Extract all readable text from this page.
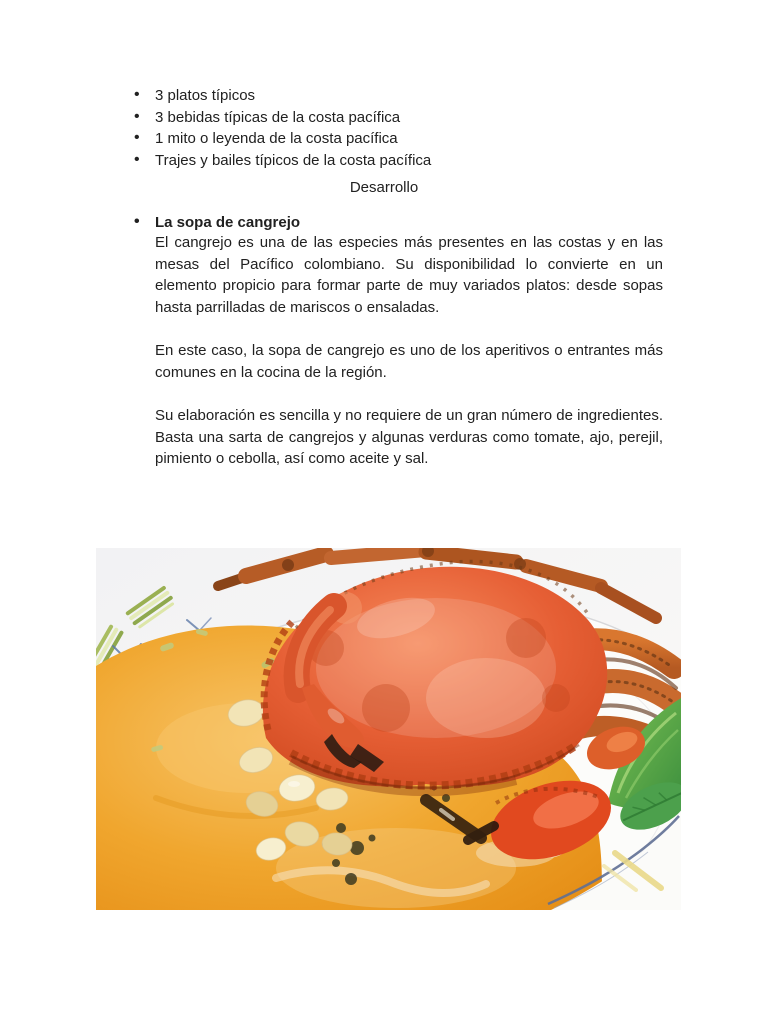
• 3 platos típicos
• 3 bebidas típicas de la costa pacífica
• 1 mito o leyenda de la costa pacífica
• Trajes y bailes típicos de la costa pacífica
Desarrollo
• La sopa de cangrejo

El cangrejo es una de las especies más presentes en las costas y en las mesas del Pacífico colombiano. Su disponibilidad lo convierte en un elemento propicio para formar parte de muy variados platos: desde sopas hasta parrilladas de mariscos o ensaladas.

En este caso, la sopa de cangrejo es uno de los aperitivos o entrantes más comunes en la cocina de la región.

Su elaboración es sencilla y no requiere de un gran número de ingredientes. Basta una sarta de cangrejos y algunas verduras como tomate, ajo, perejil, pimiento o cebolla, así como aceite y sal.
